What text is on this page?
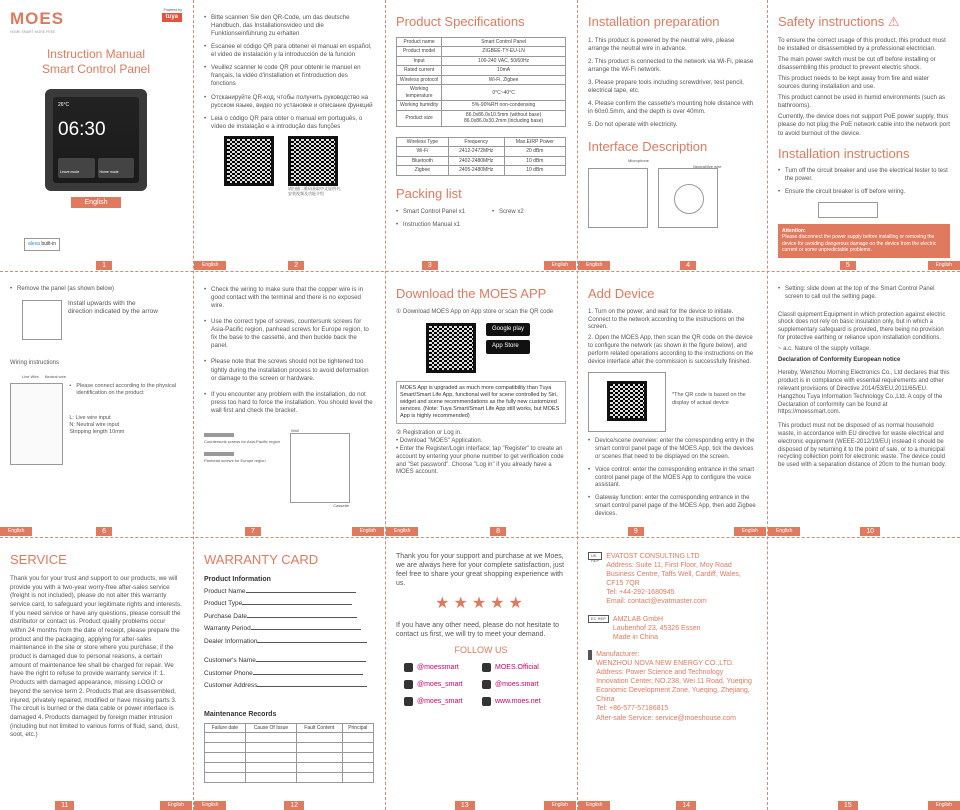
MOES
HOME SMART MORE FREE
Powered by
tuya
Instruction Manual
Smart Control Panel
26°C
06:30
Leave mode	Home mode
English
alexa built-in
1
• Bitte scannen Sie den QR-Code, um das deutsche Handbuch, das Installationsvideo und die Funktionseinführung zu erhalten
• Escanee el código QR para obtener el manual en español, el video de instalación y la introducción de la función
• Veuillez scanner le code QR pour obtenir le manuel en français, la vidéo d'installation et l'introduction des fonctions
• Отсканируйте QR-код, чтобы получить руководство на русском языке, видео по установке и описание функций
• Leia o código QR para obter o manual em português, o vídeo de instalação e a introdução das funções
请扫描二维码获取中文说明书、安装视频及功能介绍
English	2
Product Specifications
Product name	Smart Control Panel
Product model	ZIGBEE-TY-EU-LN
Input	100-240 VAC, 50/60Hz
Rated current	10mA
Wireless protocol	Wi-Fi, Zigbee
Working temperature	0°C~40°C
Working humidity	5%-90%RH non-condensing
Product size	86.0x86.0x10.5mm (without base) 86.0x86.0x30.2mm (including base)
Wireless Type	Frequency	Max.EIRP Power
Wi-Fi	2412-2472MHz	20 dBm
Bluetooth	2402-2480MHz	10 dBm
Zigbee	2405-2480MHz	10 dBm
Packing list
• Smart Control Panel x1	• Screw x2
• Instruction Manual x1
3	English
Installation preparation

1. This product is powered by the neutral wire, please arrange the neutral wire in advance.

2. This product is connected to the network via Wi-Fi, please arrange the Wi-Fi network.

3. Please prepare tools including screwdriver, test pencil, electrical tape, etc.

4. Please confirm the cassette's mounting hole distance with in 60±0.5mm, and the depth is over 40mm.

5. Do not operate with electricity.

Interface Description
Microphone
Neutral/live wire
English	4
Safety instructions ⚠

To ensure the correct usage of this product, this product must be installed or disassembled by a professional electrician.

The main power switch must be cut off before installing or disassembling this product to prevent electric shock.

This product needs to be kept away from fire and water sources during installation and use.

This product cannot be used in humid environments (such as bathrooms).

Currently, the device does not support PoE power supply, thus please do not plug the PoE network cable into the network port to avoid burnout of the device.

Installation instructions
• Turn off the circuit breaker and use the electrical tester to test the power.
• Ensure the circuit breaker is off before wiring.
Attention:
Please disconnect the power supply before installing or removing the device for avoiding dangerous damage on the device from the electric current or some unpredictable problems.
5	English
• Remove the panel (as shown below)
Install upwards with the direction indicated by the arrow
Wiring instructions
Live Wire Neutral wire
• Please connect according to the physical identification on the product
L: Live wire input
N: Neutral wire input
Stripping length 10mm
English	6
• Check the wiring to make sure that the copper wire is in good contact with the terminal and there is no exposed wire.
• Use the correct type of screws, countersunk screws for Asia-Pacific region, panhead screws for Europe region, to fix the base to the cassette, and then buckle back the panel.
• Please note that the screws should not be tightened too tightly during the installation process to avoid deformation or damage to the screen or hardware.
• If you encounter any problem with the installation, do not press too hard to force the installation. You should level the wall first and check the bracket.
Countersunk screws for Asia-Pacific region
Panhead screws for Europe region
Wall
Cassette
7	English
Download the MOES APP
① Download MOES App on App store or scan the QR code
Google play
App Store
MOES App is upgraded as much more compatibility than Tuya Smart/Smart Life App, functional well for scene controlled by Siri, widget and scene recommendations as the fully new customized services. (Note: Tuya Smart/Smart Life App still works, but MOES App is highly recommended)
② Registration or Log in.
• Download "MOES" Application.
• Enter the Register/Login interface; tap "Register" to create an account by entering your phone number to get verification code and "Set password". Choose "Log in" if you already have a MOES account.
English	8
Add Device

1. Turn on the power, and wait for the device to initiate. Connect to the network according to the instructions on the screen.

2. Open the MOES App, then scan the QR code on the device to configure the network (as shown in the figure below), and perform related operations according to the instructions on the device interface after the commission is successfully finished.

*The QR code is based on the display of actual device
• Device/scene overview: enter the corresponding entry in the smart control panel page of the MOES App, tick the devices or scenes that need to be displayed on the screen.
• Voice control: enter the corresponding entrance in the smart control panel page of the MOES App to configure the voice assistant.
• Gateway function: enter the corresponding entrance in the smart control panel page of the MOES App, then add Zigbee devices.
9	English
• Setting: slide down at the top of the Smart Control Panel screen to call out the setting page.

Classll quipment:Equipment in which protection against electric shock does not rely on basic insulation only, but in which a supplementary safeguard is provided, there being no provision for protective earthing or reliance upon installation conditions.

~ a.c. Nature of the supply voltage.

Declaration of Conformity European notice

Hereby, Wenzhou Morning Electronics Co., Ltd declares that this product is in compliance with essential requirements and other relevant provisions of Directive 2014/53/EU,2011/65/EU. Hangzhou Tuya Information Technology Co.,Ltd. A copy of the Declaration of conformity can be found at https://moessmart.com.

This product must not be disposed of as normal household waste, in accordance with EU directive for waste electrical and electronic equipment (WEEE-2012/19/EU) instead it should be disposed of by returning it to the point of sale, or to a municipal recycling collection point for electronic waste. The device could be used with a separation distance of 20cm to the human body.

English	10
SERVICE
Thank you for your trust and support to our products, we will provide you with a two-year worry-free after-sales service (freight is not included), please do not alter this warranty service card, to safeguard your legitimate rights and interests. If you need service or have any questions, please consult the distributor or contact us. Product quality problems occur within 24 months from the date of receipt, please prepare the product and the packaging, applying for after-sales maintenance in the site or store where you purchase; if the product is damaged due to personal reasons, a certain amount of maintenance fee shall be charged for repair. We have the right to refuse to provide warranty service if: 1. Products with damaged appearance, missing LOGO or beyond the service term 2. Products that are disassembled, injured, privately repaired, modified or have missing parts 3. The circuit is burned or the data cable or power interface is damaged 4. Products damaged by foreign matter intrusion (including but not limited to various forms of fluid, sand, dust, soot, etc.)
11	English
WARRANTY CARD
Product Information
Product Name
Product Type
Purchase Date
Warranty Period
Dealer Information
Customer's Name
Customer Phone
Customer Address
Maintenance Records
Failure date	Cause Of Issue	Fault Content	Principal

English	12

Thank you for your support and purchase at we Moes, we are always here for your complete satisfaction, just feel free to share your great shopping experience with us.

★★★★★

If you have any other need, please do not hesitate to contact us first, we will try to meet your demand.

FOLLOW US
@moessmart	MOES.Official
@moes_smart	@moes.smart
@moes_smart	www.moes.net
13	English
UK REP
EVATOST CONSULTING LTD
Address: Suite 11, First Floor, Moy Road Business Centre, Taffs Well, Cardiff, Wales, CF15 7QR
Tel: +44-292-1680945
Email: contact@evatmaster.com
EC REP	AMZLAB GmbH
Laubenhof 23, 45326 Essen
Made in China
Manufacturer:
WENZHOU NOVA NEW ENERGY CO.,LTD.
Address: Power Science and Technology Innovation Center, NO.238, Wei 11 Road, Yueqing Economic Development Zone, Yueqing, Zhejiang, China
Tel: +86-577-57186815
After-sale Service: service@moeshouse.com
English	14	15	English
